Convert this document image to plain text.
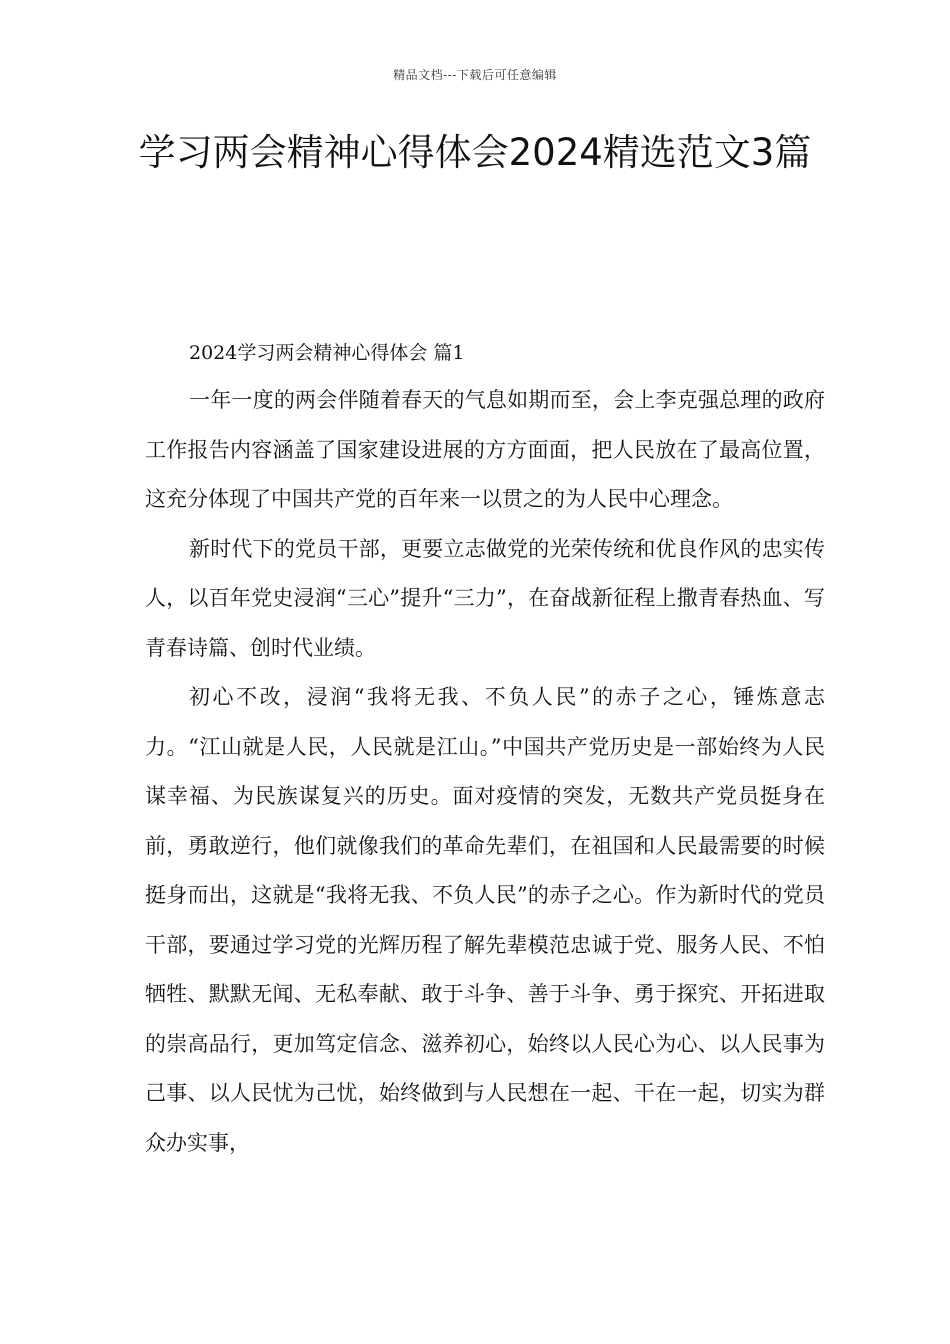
精品文档---下载后可任意编辑
学习两会精神心得体会2024精选范文3篇

2024学习两会精神心得体会 篇1

一年一度的两会伴随着春天的气息如期而至，会上李克强总理的政府工作报告内容涵盖了国家建设进展的方方面面，把人民放在了最高位置，这充分体现了中国共产党的百年来一以贯之的为人民中心理念。

新时代下的党员干部，更要立志做党的光荣传统和优良作风的忠实传人，以百年党史浸润“三心”提升“三力”，在奋战新征程上撒青春热血、写青春诗篇、创时代业绩。

初心不改，浸润“我将无我、不负人民”的赤子之心，锤炼意志力。“江山就是人民，人民就是江山。”中国共产党历史是一部始终为人民谋幸福、为民族谋复兴的历史。面对疫情的突发，无数共产党员挺身在前，勇敢逆行，他们就像我们的革命先辈们，在祖国和人民最需要的时候挺身而出，这就是“我将无我、不负人民”的赤子之心。作为新时代的党员干部，要通过学习党的光辉历程了解先辈模范忠诚于党、服务人民、不怕牺牲、默默无闻、无私奉献、敢于斗争、善于斗争、勇于探究、开拓进取的崇高品行，更加笃定信念、滋养初心，始终以人民心为心、以人民事为己事、以人民忧为己忧，始终做到与人民想在一起、干在一起，切实为群众办实事，
